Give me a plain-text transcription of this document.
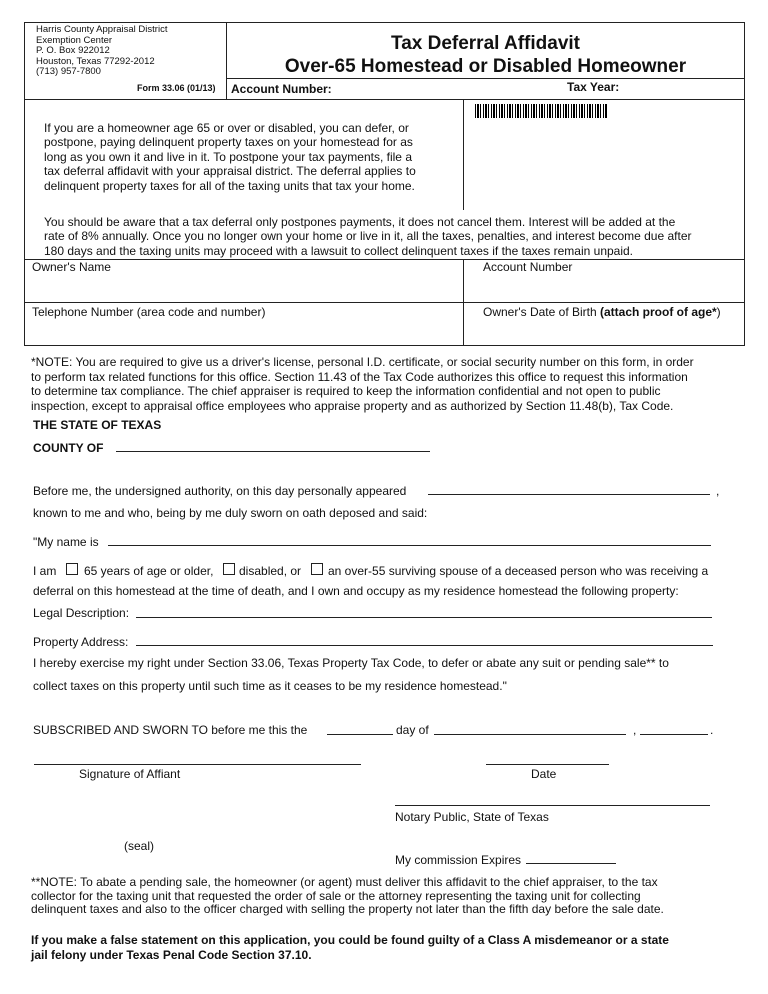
Harris County Appraisal District
Exemption Center
P. O. Box 922012
Houston, Texas 77292-2012
(713) 957-7800
Form 33.06 (01/13)
Tax Deferral Affidavit
Over-65 Homestead or Disabled Homeowner
Account Number:	Tax Year:
If you are a homeowner age 65 or over or disabled, you can defer, or
postpone, paying delinquent property taxes on your homestead for as
long as you own it and live in it. To postpone your tax payments, file a
tax deferral affidavit with your appraisal district. The deferral applies to
delinquent property taxes for all of the taxing units that tax your home.
You should be aware that a tax deferral only postpones payments, it does not cancel them. Interest will be added at the
rate of 8% annually. Once you no longer own your home or live in it, all the taxes, penalties, and interest become due after
180 days and the taxing units may proceed with a lawsuit to collect delinquent taxes if the taxes remain unpaid.
Owner's Name	Account Number
Telephone Number (area code and number)	Owner's Date of Birth (attach proof of age*)
*NOTE: You are required to give us a driver's license, personal I.D. certificate, or social security number on this form, in order
to perform tax related functions for this office. Section 11.43 of the Tax Code authorizes this office to request this information
to determine tax compliance. The chief appraiser is required to keep the information confidential and not open to public
inspection, except to appraisal office employees who appraise property and as authorized by Section 11.48(b), Tax Code.
THE STATE OF TEXAS
COUNTY OF
Before me, the undersigned authority, on this day personally appeared	,
known to me and who, being by me duly sworn on oath deposed and said:
"My name is
I am 65 years of age or older, disabled, or an over-55 surviving spouse of a deceased person who was receiving a
deferral on this homestead at the time of death, and I own and occupy as my residence homestead the following property:
Legal Description:
Property Address:
I hereby exercise my right under Section 33.06, Texas Property Tax Code, to defer or abate any suit or pending sale** to
collect taxes on this property until such time as it ceases to be my residence homestead."
SUBSCRIBED AND SWORN TO before me this the	day of	,	.
Signature of Affiant	Date
Notary Public, State of Texas
(seal)
My commission Expires
**NOTE: To abate a pending sale, the homeowner (or agent) must deliver this affidavit to the chief appraiser, to the tax
collector for the taxing unit that requested the order of sale or the attorney representing the taxing unit for collecting
delinquent taxes and also to the officer charged with selling the property not later than the fifth day before the sale date.
If you make a false statement on this application, you could be found guilty of a Class A misdemeanor or a state
jail felony under Texas Penal Code Section 37.10.
